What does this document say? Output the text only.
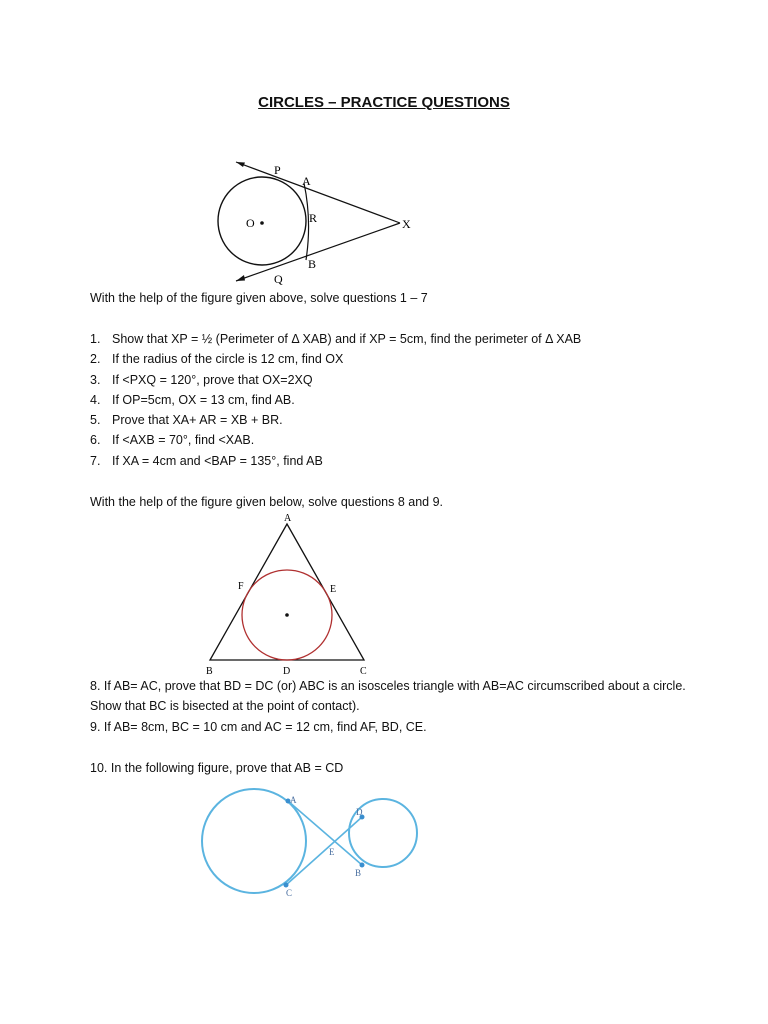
CIRCLES – PRACTICE QUESTIONS
P
A
O	R	X
B
Q
With the help of the figure given above, solve questions 1 – 7
1. Show that XP = ½ (Perimeter of Δ XAB) and if XP = 5cm, find the perimeter of Δ XAB
2. If the radius of the circle is 12 cm, find OX
3. If <PXQ = 120°, prove that OX=2XQ
4. If OP=5cm, OX = 13 cm, find AB.
5. Prove that XA+ AR = XB + BR.
6. If <AXB = 70°, find <XAB.
7. If XA = 4cm and <BAP = 135°, find AB
With the help of the figure given below, solve questions 8 and 9.
A
F	E
B	D	C
8. If AB= AC, prove that BD = DC (or) ABC is an isosceles triangle with AB=AC circumscribed about a circle. Show that BC is bisected at the point of contact).
9. If AB= 8cm, BC = 10 cm and AC = 12 cm, find AF, BD, CE.
10. In the following figure, prove that AB = CD
A
D
E
B
C
